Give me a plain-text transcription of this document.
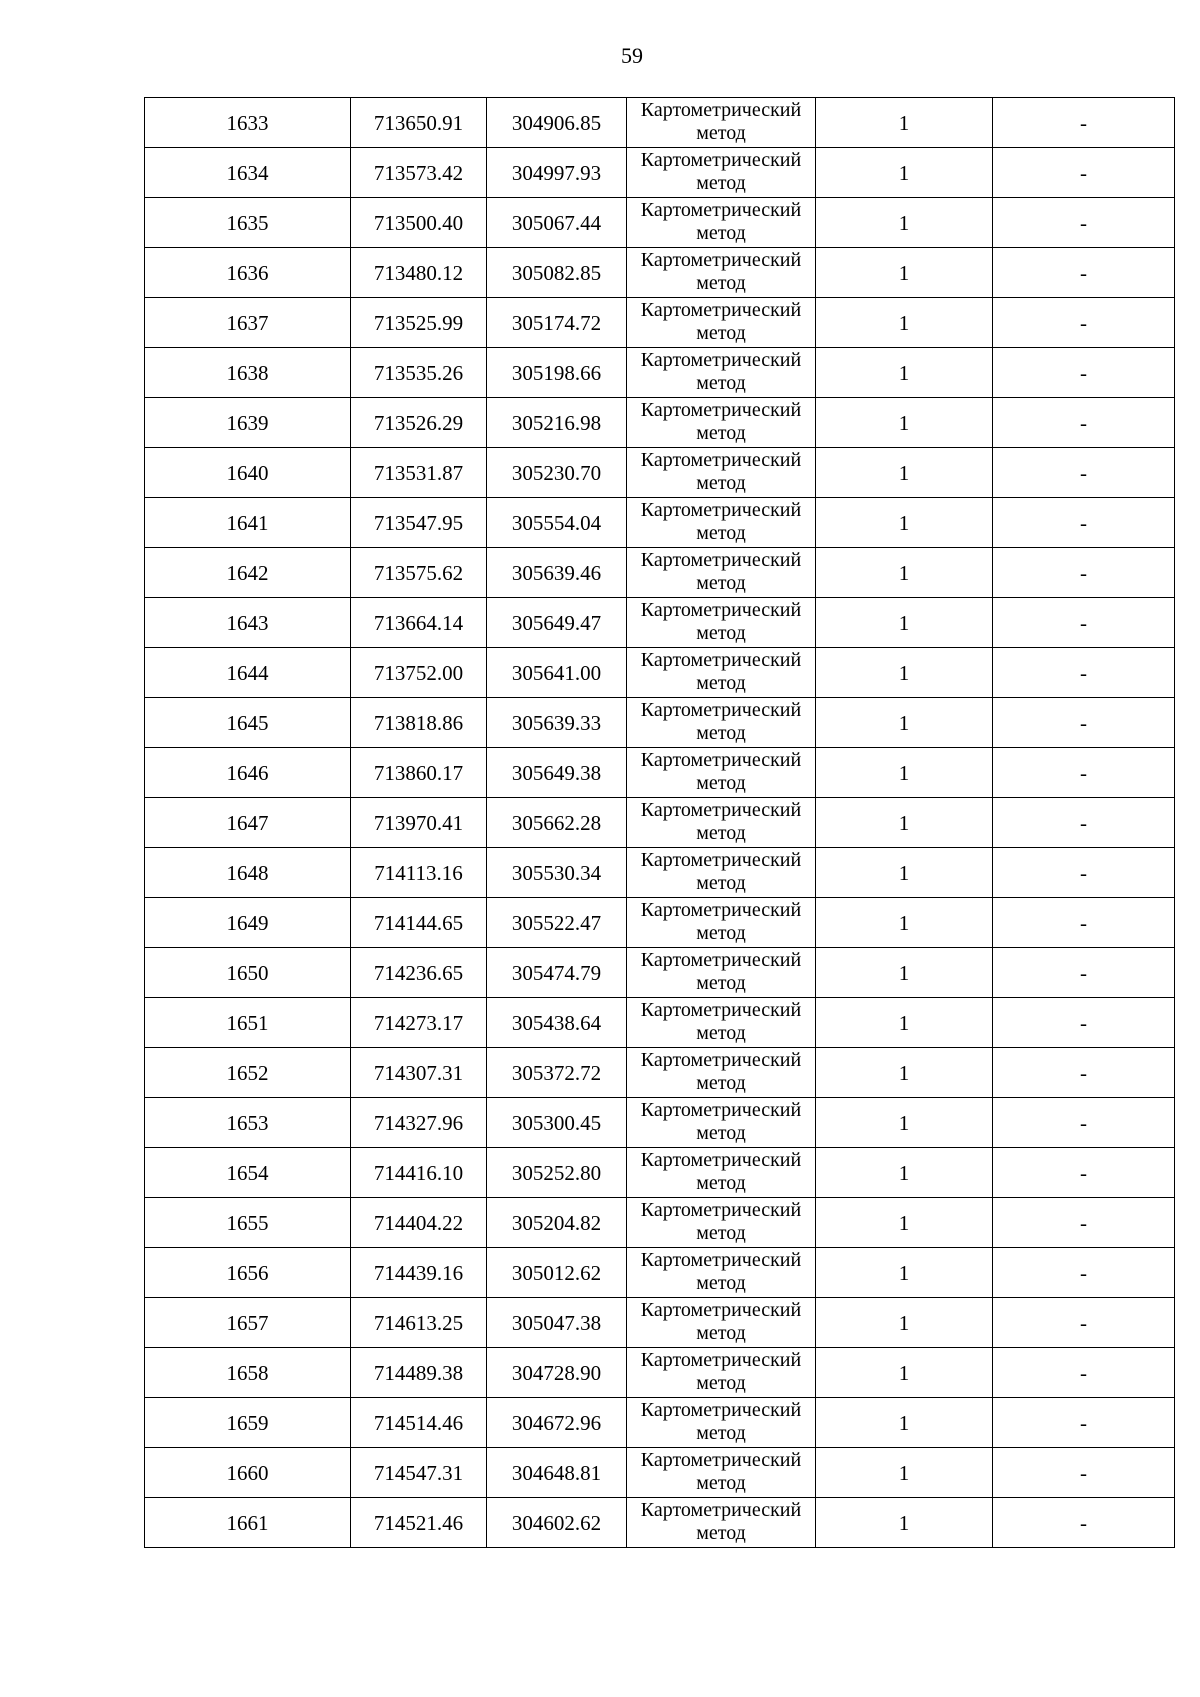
59
1633	713650.91	304906.85	Картометрический метод	1	-
1634	713573.42	304997.93	Картометрический метод	1	-
1635	713500.40	305067.44	Картометрический метод	1	-
1636	713480.12	305082.85	Картометрический метод	1	-
1637	713525.99	305174.72	Картометрический метод	1	-
1638	713535.26	305198.66	Картометрический метод	1	-
1639	713526.29	305216.98	Картометрический метод	1	-
1640	713531.87	305230.70	Картометрический метод	1	-
1641	713547.95	305554.04	Картометрический метод	1	-
1642	713575.62	305639.46	Картометрический метод	1	-
1643	713664.14	305649.47	Картометрический метод	1	-
1644	713752.00	305641.00	Картометрический метод	1	-
1645	713818.86	305639.33	Картометрический метод	1	-
1646	713860.17	305649.38	Картометрический метод	1	-
1647	713970.41	305662.28	Картометрический метод	1	-
1648	714113.16	305530.34	Картометрический метод	1	-
1649	714144.65	305522.47	Картометрический метод	1	-
1650	714236.65	305474.79	Картометрический метод	1	-
1651	714273.17	305438.64	Картометрический метод	1	-
1652	714307.31	305372.72	Картометрический метод	1	-
1653	714327.96	305300.45	Картометрический метод	1	-
1654	714416.10	305252.80	Картометрический метод	1	-
1655	714404.22	305204.82	Картометрический метод	1	-
1656	714439.16	305012.62	Картометрический метод	1	-
1657	714613.25	305047.38	Картометрический метод	1	-
1658	714489.38	304728.90	Картометрический метод	1	-
1659	714514.46	304672.96	Картометрический метод	1	-
1660	714547.31	304648.81	Картометрический метод	1	-
1661	714521.46	304602.62	Картометрический метод	1	-
